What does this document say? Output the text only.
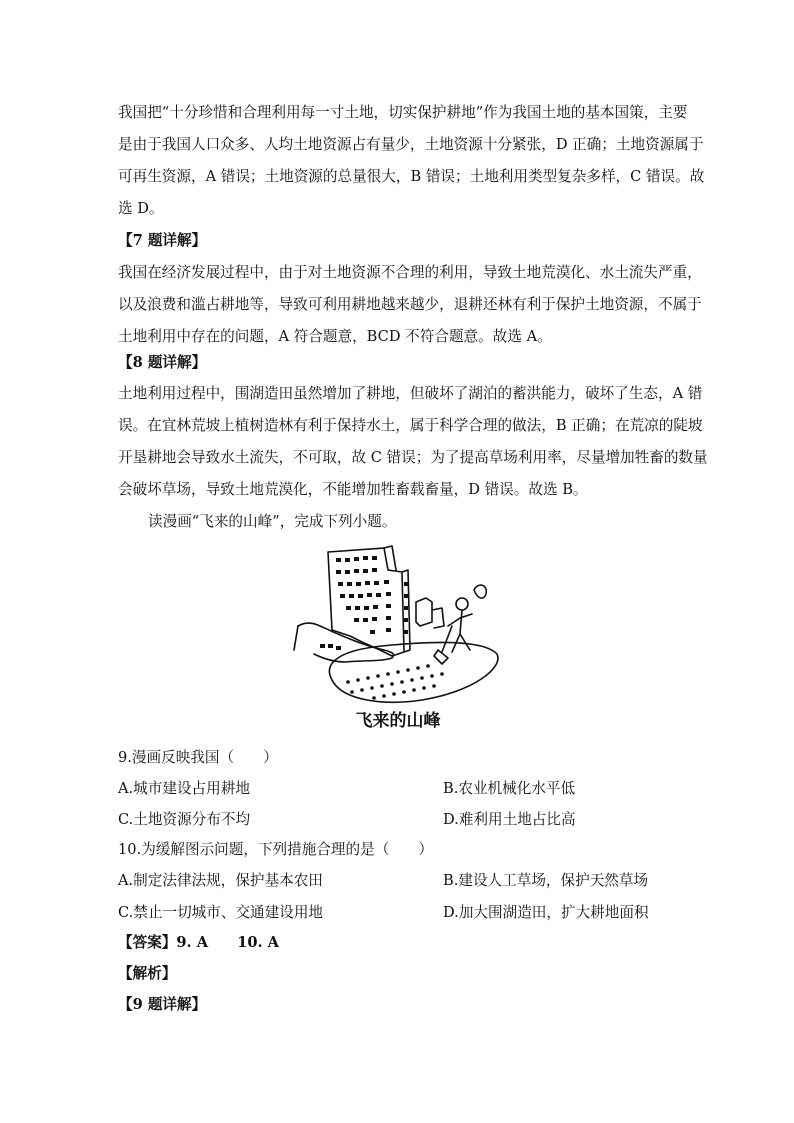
我国把“十分珍惜和合理利用每一寸土地，切实保护耕地”作为我国土地的基本国策，主要

是由于我国人口众多、人均土地资源占有量少，土地资源十分紧张，D 正确；土地资源属于

可再生资源，A 错误；土地资源的总量很大，B 错误；土地利用类型复杂多样，C 错误。故

选 D。

【7 题详解】

我国在经济发展过程中，由于对土地资源不合理的利用，导致土地荒漠化、水土流失严重，

以及浪费和滥占耕地等，导致可利用耕地越来越少，退耕还林有利于保护土地资源，不属于

土地利用中存在的问题，A 符合题意，BCD 不符合题意。故选 A。

【8 题详解】

土地利用过程中，围湖造田虽然增加了耕地，但破坏了湖泊的蓄洪能力，破坏了生态，A 错

误。在宜林荒坡上植树造林有利于保持水土，属于科学合理的做法，B 正确；在荒凉的陡坡

开垦耕地会导致水土流失，不可取，故 C 错误；为了提高草场利用率，尽量增加牲畜的数量

会破坏草场，导致土地荒漠化，不能增加牲畜载畜量，D 错误。故选 B。

读漫画“飞来的山峰”，完成下列小题。

飞来的山峰

9.漫画反映我国（　　）

A.城市建设占用耕地	B.农业机械化水平低
C.土地资源分布不均	D.难利用土地占比高

10.为缓解图示问题，下列措施合理的是（　　）

A.制定法律法规，保护基本农田	B.建设人工草场，保护天然草场
C.禁止一切城市、交通建设用地	D.加大围湖造田，扩大耕地面积

【答案】9. A　　10. A

【解析】

【9 题详解】
